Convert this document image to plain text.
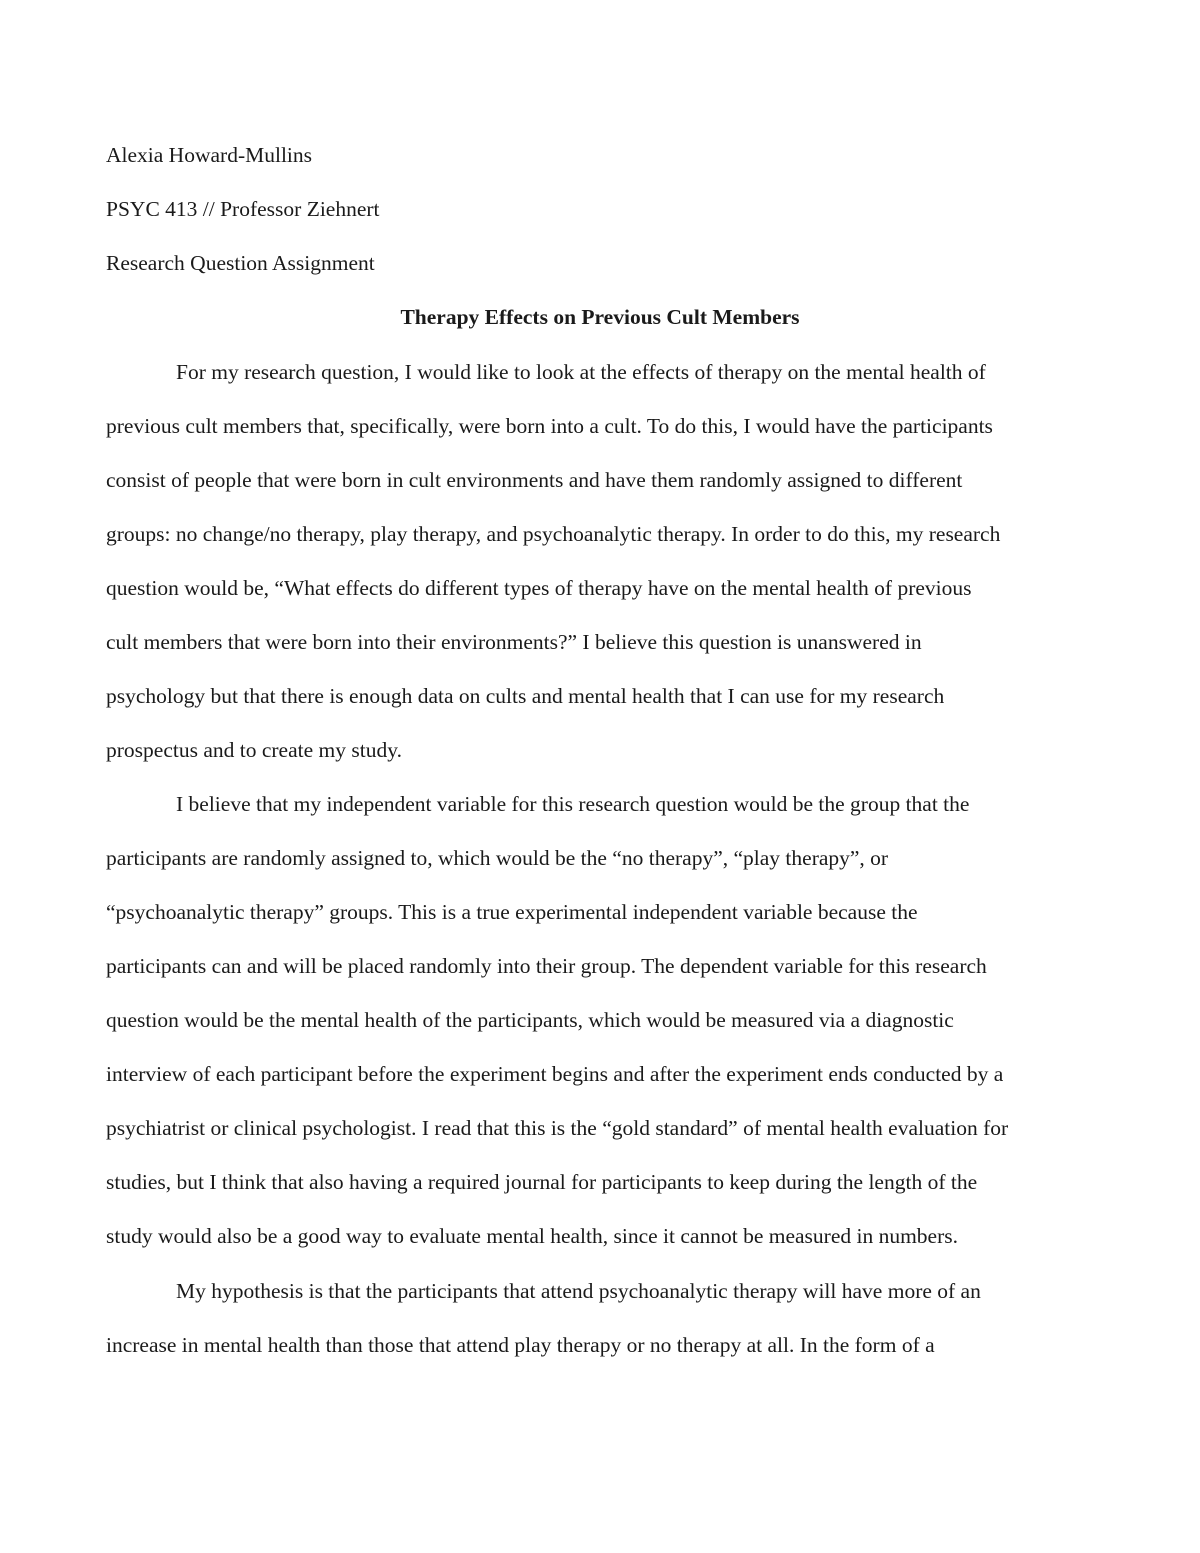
Alexia Howard-Mullins

PSYC 413 // Professor Ziehnert

Research Question Assignment

Therapy Effects on Previous Cult Members

For my research question, I would like to look at the effects of therapy on the mental health of

previous cult members that, specifically, were born into a cult. To do this, I would have the participants

consist of people that were born in cult environments and have them randomly assigned to different

groups: no change/no therapy, play therapy, and psychoanalytic therapy. In order to do this, my research

question would be, “What effects do different types of therapy have on the mental health of previous

cult members that were born into their environments?” I believe this question is unanswered in

psychology but that there is enough data on cults and mental health that I can use for my research

prospectus and to create my study.

I believe that my independent variable for this research question would be the group that the

participants are randomly assigned to, which would be the “no therapy”, “play therapy”, or

“psychoanalytic therapy” groups. This is a true experimental independent variable because the

participants can and will be placed randomly into their group. The dependent variable for this research

question would be the mental health of the participants, which would be measured via a diagnostic

interview of each participant before the experiment begins and after the experiment ends conducted by a

psychiatrist or clinical psychologist. I read that this is the “gold standard” of mental health evaluation for

studies, but I think that also having a required journal for participants to keep during the length of the

study would also be a good way to evaluate mental health, since it cannot be measured in numbers.

My hypothesis is that the participants that attend psychoanalytic therapy will have more of an

increase in mental health than those that attend play therapy or no therapy at all. In the form of a
